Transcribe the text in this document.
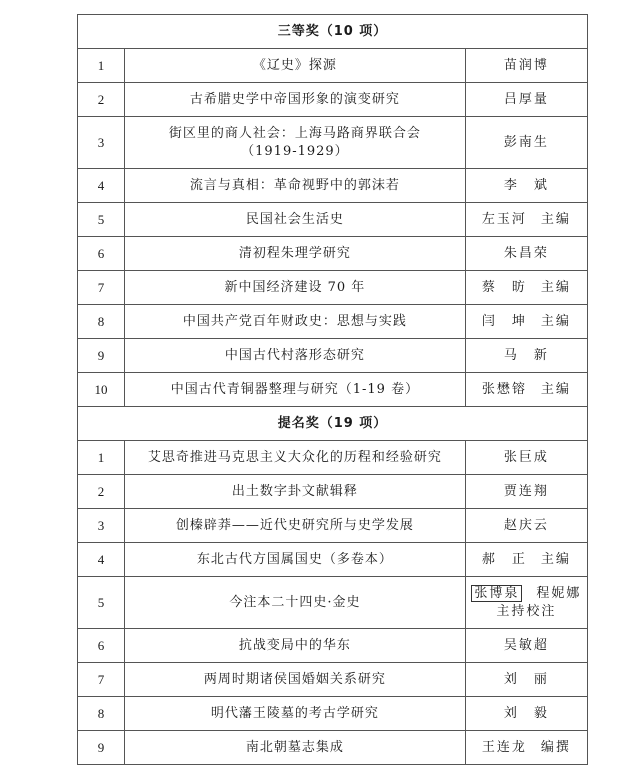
三等奖（10 项）		
1	《辽史》探源	苗润博
2	古希腊史学中帝国形象的演变研究	吕厚量
3	街区里的商人社会：上海马路商界联合会
（1919-1929）	彭南生
4	流言与真相：革命视野中的郭沫若	李　斌
5	民国社会生活史	左玉河 主编
6	清初程朱理学研究	朱昌荣
7	新中国经济建设 70 年	蔡　昉 主编
8	中国共产党百年财政史：思想与实践	闫　坤 主编
9	中国古代村落形态研究	马　新
10	中国古代青铜器整理与研究（1-19 卷）	张懋镕 主编
提名奖（19 项）		
1	艾思奇推进马克思主义大众化的历程和经验研究	张巨成
2	出土数字卦文献辑释	贾连翔
3	创榛辟莽——近代史研究所与史学发展	赵庆云
4	东北古代方国属国史（多卷本）	郝　正 主编
5	今注本二十四史·金史	张博泉 程妮娜
主持校注

6	抗战变局中的华东	吴敏超
7	两周时期诸侯国婚姻关系研究	刘　丽
8	明代藩王陵墓的考古学研究	刘　毅
9	南北朝墓志集成	王连龙 编撰
